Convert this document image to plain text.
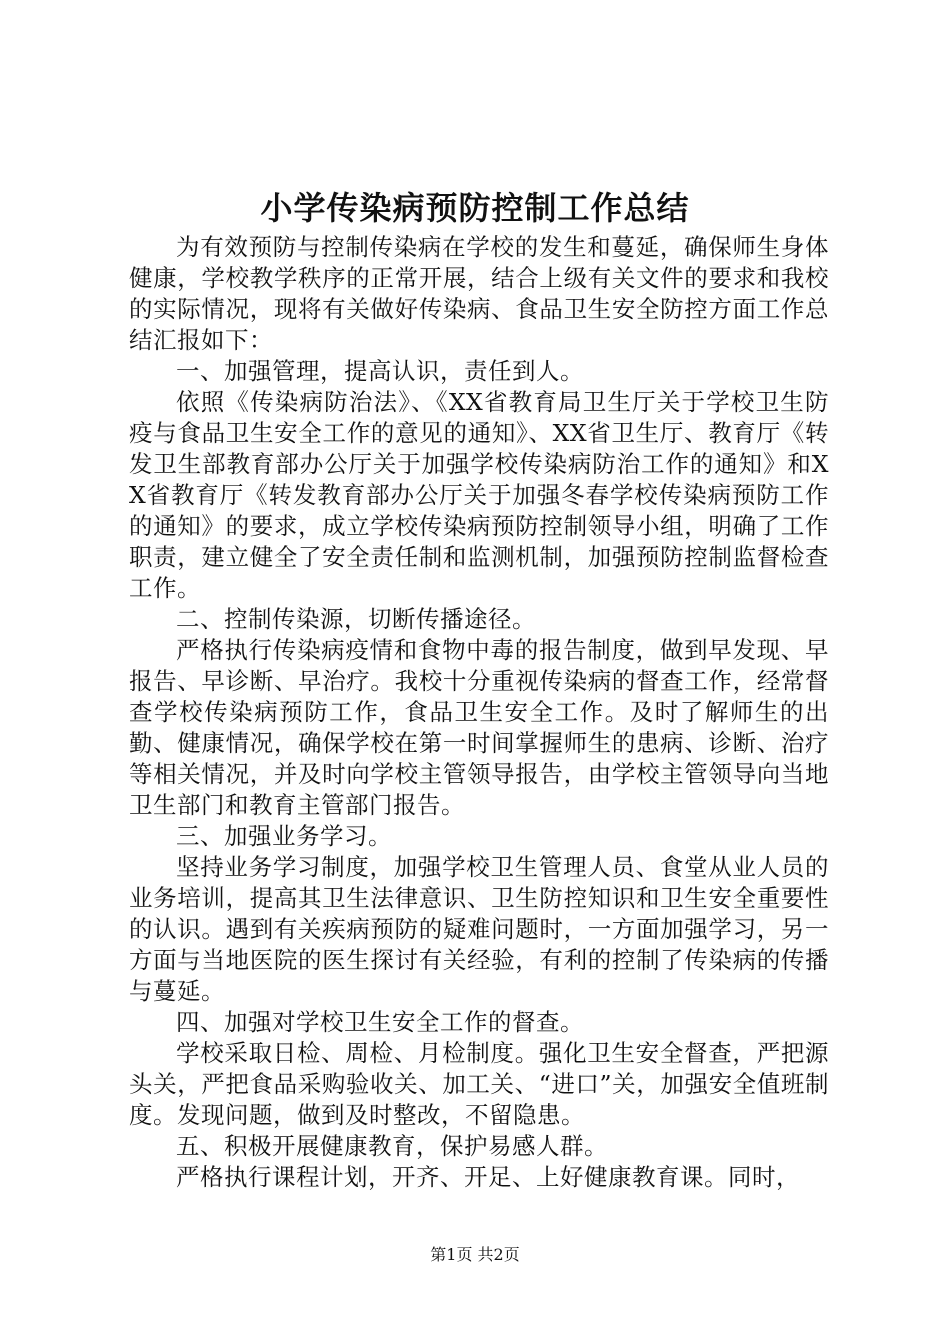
小学传染病预防控制工作总结

为有效预防与控制传染病在学校的发生和蔓延，确保师生身体健康，学校教学秩序的正常开展，结合上级有关文件的要求和我校的实际情况，现将有关做好传染病、食品卫生安全防控方面工作总结汇报如下：

一、加强管理，提高认识，责任到人。

依照《传染病防治法》、《XX省教育局卫生厅关于学校卫生防疫与食品卫生安全工作的意见的通知》、XX省卫生厅、教育厅《转发卫生部教育部办公厅关于加强学校传染病防治工作的通知》和XX省教育厅《转发教育部办公厅关于加强冬春学校传染病预防工作的通知》的要求，成立学校传染病预防控制领导小组，明确了工作职责，建立健全了安全责任制和监测机制，加强预防控制监督检查工作。

二、控制传染源，切断传播途径。

严格执行传染病疫情和食物中毒的报告制度，做到早发现、早报告、早诊断、早治疗。我校十分重视传染病的督查工作，经常督查学校传染病预防工作，食品卫生安全工作。及时了解师生的出勤、健康情况，确保学校在第一时间掌握师生的患病、诊断、治疗等相关情况，并及时向学校主管领导报告，由学校主管领导向当地卫生部门和教育主管部门报告。

三、加强业务学习。

坚持业务学习制度，加强学校卫生管理人员、食堂从业人员的业务培训，提高其卫生法律意识、卫生防控知识和卫生安全重要性的认识。遇到有关疾病预防的疑难问题时，一方面加强学习，另一方面与当地医院的医生探讨有关经验，有利的控制了传染病的传播与蔓延。

四、加强对学校卫生安全工作的督查。

学校采取日检、周检、月检制度。强化卫生安全督查，严把源头关，严把食品采购验收关、加工关、“进口”关，加强安全值班制度。发现问题，做到及时整改，不留隐患。

五、积极开展健康教育，保护易感人群。

严格执行课程计划，开齐、开足、上好健康教育课。同时，

第1页 共2页
